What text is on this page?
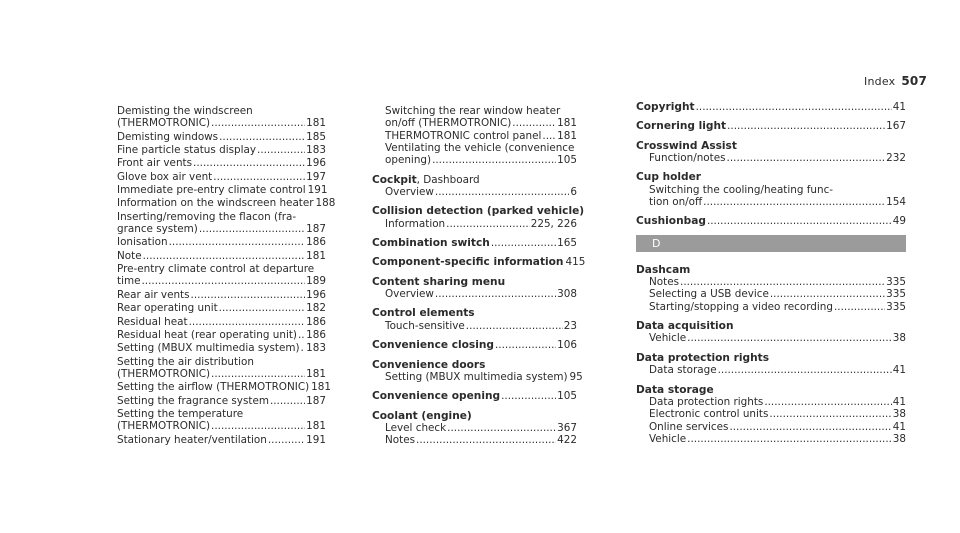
Index 507
Demisting the windscreen
(THERMOTRONIC) .....	181
Demisting windows .....	185
Fine particle status display .....	183
Front air vents .....	196
Glove box air vent .....	197
Immediate pre-entry climate control 191
Information on the windscreen heater 188
Inserting/removing the flacon (fra-
grance system) .....	187
Ionisation .....	186
Note .....	181
Pre-entry climate control at departure
time .....	189
Rear air vents .....	196
Rear operating unit .....	182
Residual heat .....	186
Residual heat (rear operating unit) ..... 186
Setting (MBUX multimedia system) ..... 183
Setting the air distribution
(THERMOTRONIC) .....	181
Setting the airflow (THERMOTRONIC) 181
Setting the fragrance system .....	187
Setting the temperature
(THERMOTRONIC) .....	181
Stationary heater/ventilation .....	191
Switching the rear window heater
on/off (THERMOTRONIC) .....	181
THERMOTRONIC control panel ..... 181
Ventilating the vehicle (convenience
opening) .....	105
Cockpit, Dashboard
Overview .....	6
Collision detection (parked vehicle)
Information .....	225, 226
Combination switch .....	165
Component-specific information 415
Content sharing menu
Overview .....	308
Control elements
Touch-sensitive .....	23
Convenience closing .....	106
Convenience doors
Setting (MBUX multimedia system) 95
Convenience opening .....	105
Coolant (engine)
Level check .....	367
Notes .....	422
Copyright .....	41
Cornering light .....	167
Crosswind Assist
Function/notes .....	232
Cup holder
Switching the cooling/heating func-
tion on/off .....	154
Cushionbag .....	49
D
Dashcam
Notes .....	335
Selecting a USB device .....	335
Starting/stopping a video recording .....	335
Data acquisition
Vehicle .....	38
Data protection rights
Data storage .....	41
Data storage
Data protection rights .....	41
Electronic control units .....	38
Online services .....	41
Vehicle .....	38
